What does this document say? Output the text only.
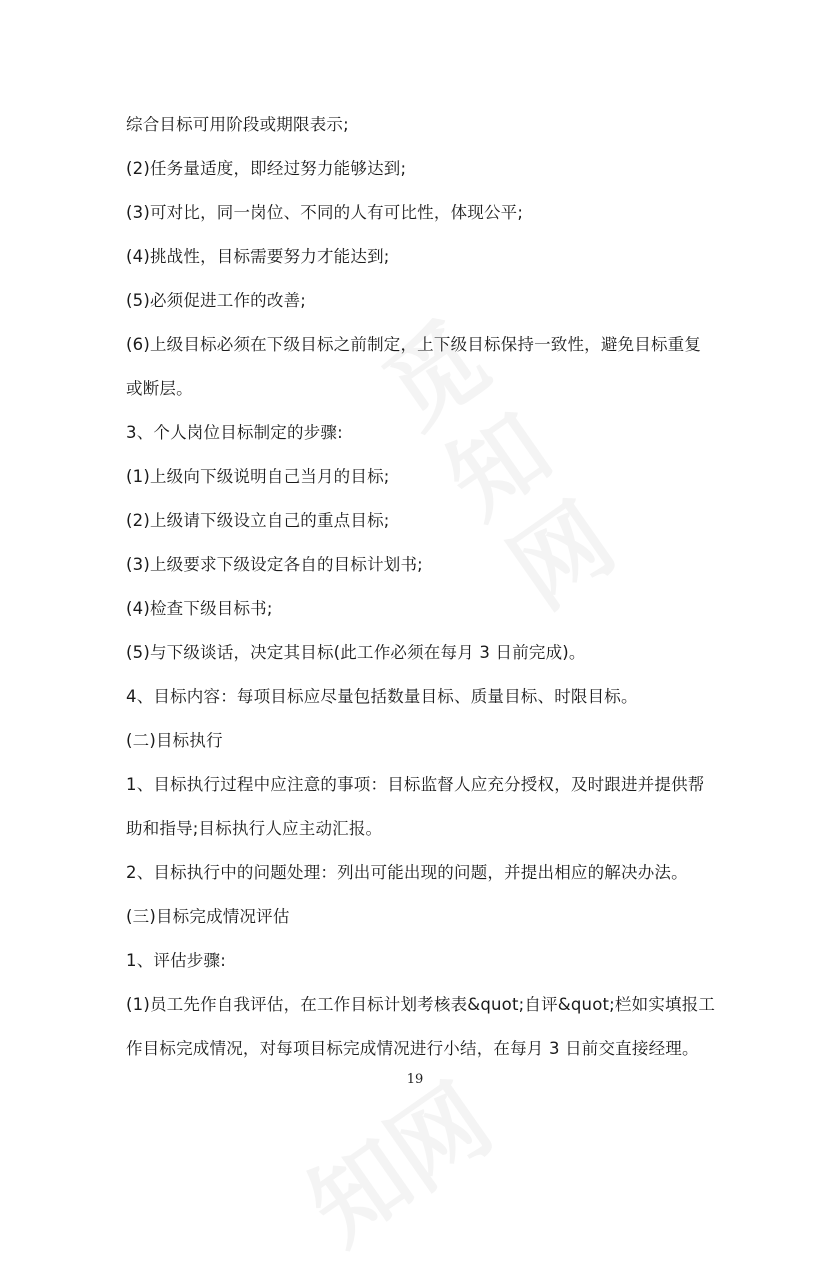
综合目标可用阶段或期限表示;
(2)任务量适度，即经过努力能够达到;
(3)可对比，同一岗位、不同的人有可比性，体现公平;
(4)挑战性，目标需要努力才能达到;
(5)必须促进工作的改善;
(6)上级目标必须在下级目标之前制定，上下级目标保持一致性，避免目标重复
或断层。
3、个人岗位目标制定的步骤:
(1)上级向下级说明自己当月的目标;
(2)上级请下级设立自己的重点目标;
(3)上级要求下级设定各自的目标计划书;
(4)检查下级目标书;
(5)与下级谈话，决定其目标(此工作必须在每月 3 日前完成)。
4、目标内容：每项目标应尽量包括数量目标、质量目标、时限目标。
(二)目标执行
1、目标执行过程中应注意的事项：目标监督人应充分授权，及时跟进并提供帮
助和指导;目标执行人应主动汇报。
2、目标执行中的问题处理：列出可能出现的问题，并提出相应的解决办法。
(三)目标完成情况评估
1、评估步骤:
(1)员工先作自我评估，在工作目标计划考核表&quot;自评&quot;栏如实填报工
作目标完成情况，对每项目标完成情况进行小结，在每月 3 日前交直接经理。
19
